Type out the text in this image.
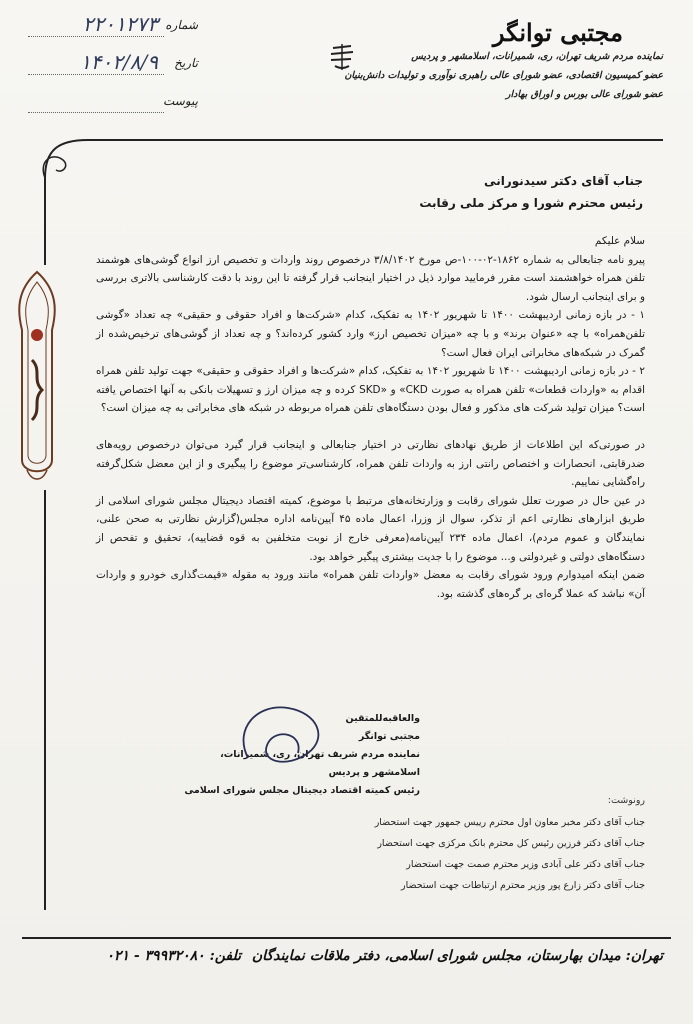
مجتبی توانگر
نماینده مردم شریف تهران، ری، شمیرانات، اسلامشهر و پردیس
عضو کمیسیون اقتصادی، عضو شورای عالی راهبری نوآوری و تولیدات دانش‌بنیان
عضو شورای عالی بورس و اوراق بهادار
شماره
۲۲۰۱۲۷۳
تاریخ
۱۴۰۲/۸/۹
پیوست
جناب آقای دکتر سیدنورانی
رئیس محترم شورا و مرکز ملی رقابت

سلام علیکم

پیرو نامه جنابعالی به شماره ۱۸۶۲-۰۲-۱۰۰-ص مورخ ۳/۸/۱۴۰۲ درخصوص روند واردات و تخصیص ارز انواع گوشی‌های هوشمند تلفن همراه خواهشمند است مقرر فرمایید موارد ذیل در اختیار اینجانب قرار گرفته تا این روند با دقت کارشناسی بالاتری بررسی و برای اینجانب ارسال شود.

۱ - در بازه زمانی اردیبهشت ۱۴۰۰ تا شهریور ۱۴۰۲ به تفکیک، کدام «شرکت‌ها و افراد حقوقی و حقیقی» چه تعداد «گوشی تلفن‌همراه» با چه «عنوان برند» و با چه «میزان تخصیص ارز» وارد کشور کرده‌اند؟ و چه تعداد از گوشی‌های ترخیص‌شده از گمرک در شبکه‌های مخابراتی ایران فعال است؟

۲ - در بازه زمانی اردیبهشت ۱۴۰۰ تا شهریور ۱۴۰۲ به تفکیک، کدام «شرکت‌ها و افراد حقوقی و حقیقی» جهت تولید تلفن همراه اقدام به «واردات قطعات» تلفن همراه به صورت CKD» و «SKD کرده و چه میزان ارز و تسهیلات بانکی به آنها اختصاص یافته است؟ میزان تولید شرکت های مذکور و فعال بودن دستگاه‌های تلفن همراه مربوطه در شبکه های مخابراتی به چه میزان است؟

در صورتی‌که این اطلاعات از طریق نهادهای نظارتی در اختیار جنابعالی و اینجانب قرار گیرد می‌توان درخصوص رویه‌های ضدرقابتی، انحصارات و اختصاص رانتی ارز به واردات تلفن همراه، کارشناسی‌تر موضوع را پیگیری و از این معضل شکل‌گرفته راه‌گشایی نماییم.

در عین حال در صورت تعلل شورای رقابت و وزارتخانه‌های مرتبط با موضوع، کمیته اقتصاد دیجیتال مجلس شورای اسلامی از طریق ابزارهای نظارتی اعم از تذکر، سوال از وزرا، اعمال ماده ۴۵ آیین‌نامه اداره مجلس(گزارش نظارتی به صحن علنی، نمایندگان و عموم مردم)، اعمال ماده ۲۳۴ آیین‌نامه(معرفی خارج از نوبت متخلفین به قوه قضاییه)، تحقیق و تفحص از دستگاه‌های دولتی و غیردولتی و... موضوع را با جدیت بیشتری پیگیر خواهد بود.

ضمن اینکه امیدوارم ورود شورای رقابت به معضل «واردات تلفن همراه» مانند ورود به مقوله «قیمت‌گذاری خودرو و واردات آن» نباشد که عملا گره‌ای بر گره‌های گذشته بود.

والعاقبه‌للمتقین
مجتبی توانگر
نماینده مردم شریف تهران، ری، شمیرانات، اسلامشهر و پردیس
رئیس کمیته اقتصاد دیجیتال مجلس شورای اسلامی
رونوشت:
جناب آقای دکتر مخبر معاون اول محترم رییس جمهور جهت استحضار
جناب آقای دکتر فرزین رئیس کل محترم بانک مرکزی جهت استحضار
جناب آقای دکتر علی آبادی وزیر محترم صمت جهت استحضار
جناب آقای دکتر زارع پور وزیر محترم ارتباطات جهت استحضار
تهران: میدان بهارستان، مجلس شورای اسلامی، دفتر ملاقات نمایندگان تلفن: ۳۹۹۳۲۰۸۰ - ۰۲۱
